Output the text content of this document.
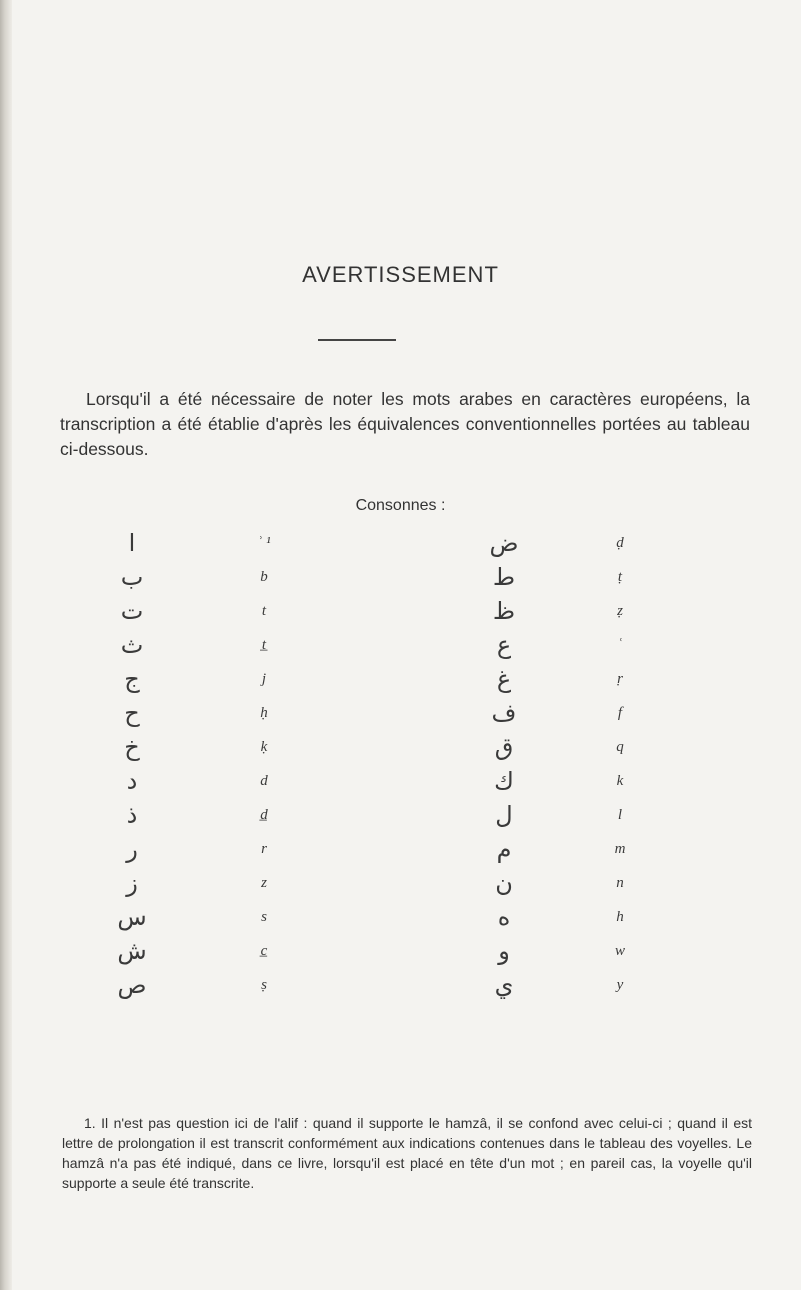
AVERTISSEMENT

Lorsqu'il a été nécessaire de noter les mots arabes en caractères européens, la transcription a été établie d'après les équivalences conventionnelles portées au tableau ci-dessous.

Consonnes :
ا	ʾ ¹
ب	b
ت	t
ث	t̲
ج	j
ح	ḥ
خ	ḳ
د	d
ذ	d̲
ر	r
ز	z
س	s
ش	c̲
ص	ṣ
ض	ḍ
ط	ṭ
ظ	ẓ
ع	ʿ
غ	ṛ
ف	f
ق	q
ك	k
ل	l
م	m
ن	n
ه	h
و	w
ي	y

1. Il n'est pas question ici de l'alif : quand il supporte le hamzâ, il se confond avec celui-ci ; quand il est lettre de prolongation il est transcrit conformément aux indications contenues dans le tableau des voyelles. Le hamzâ n'a pas été indiqué, dans ce livre, lorsqu'il est placé en tête d'un mot ; en pareil cas, la voyelle qu'il supporte a seule été transcrite.
